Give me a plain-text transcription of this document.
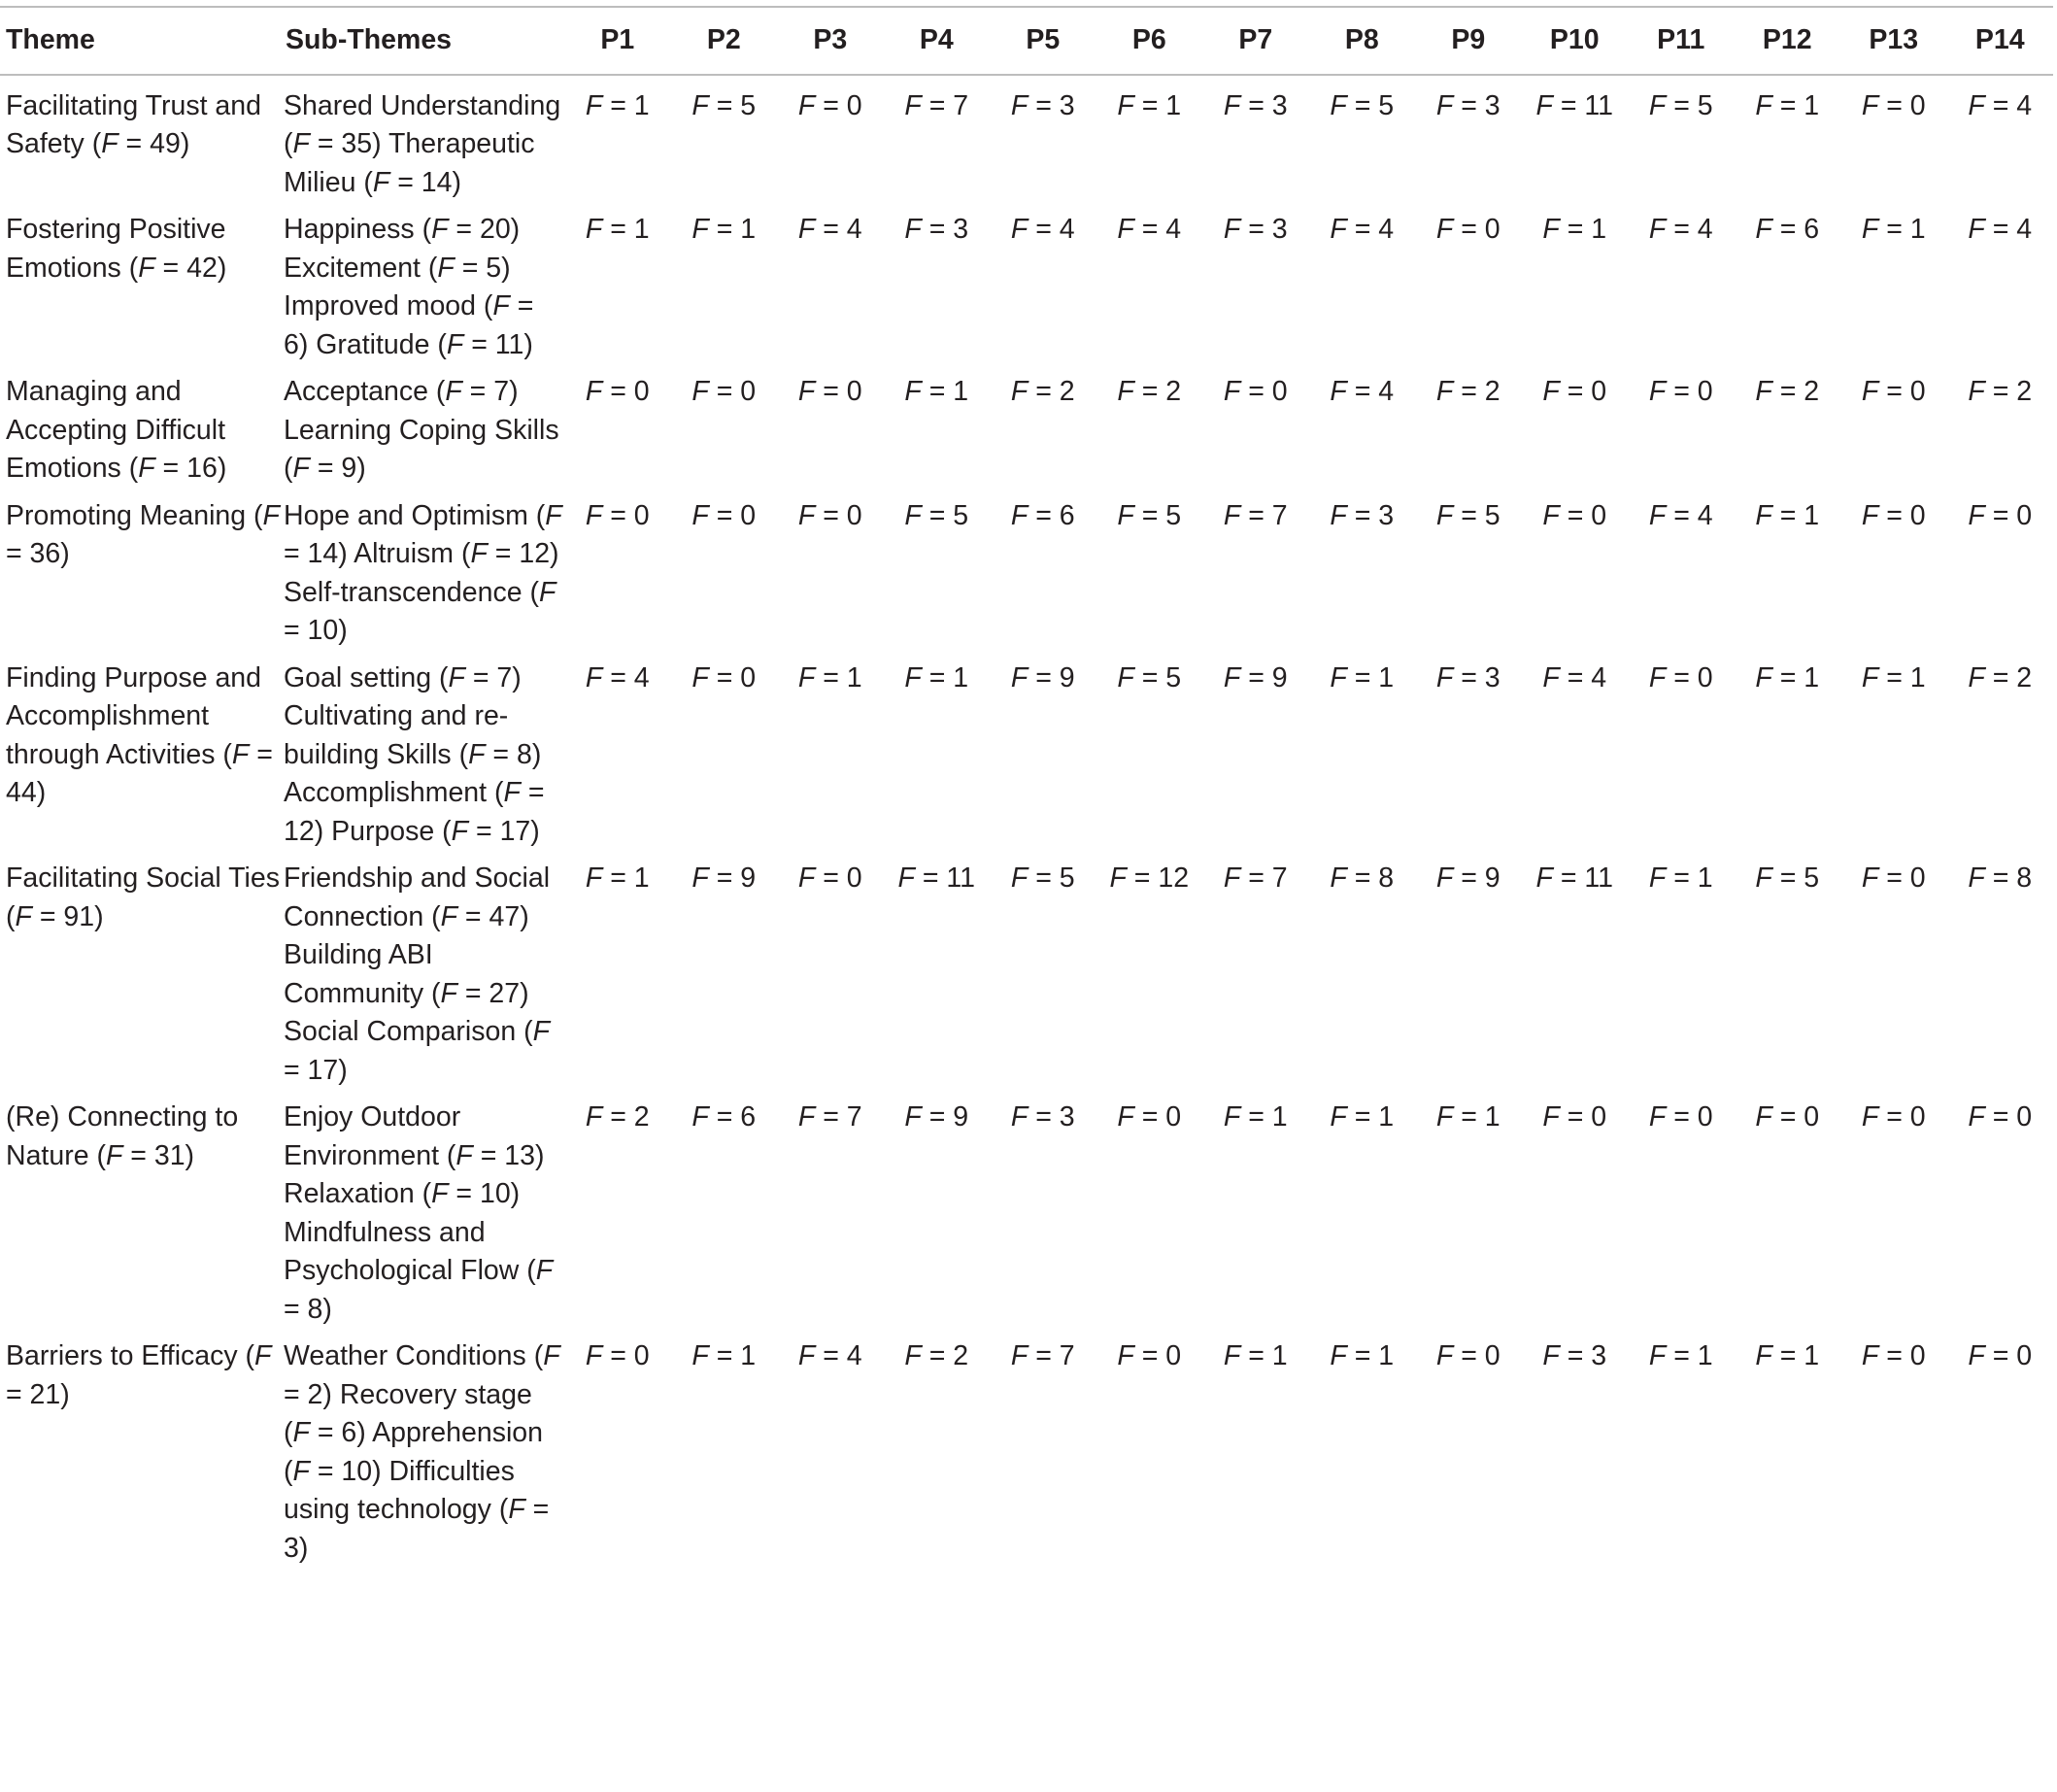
Theme	Sub-Themes	P1	P2	P3	P4	P5	P6	P7	P8	P9	P10	P11	P12	P13	P14
Facilitating Trust and Safety (F = 49)	Shared Understanding (F = 35) Therapeutic Milieu (F = 14)	F = 1	F = 5	F = 0	F = 7	F = 3	F = 1	F = 3	F = 5	F = 3	F = 11	F = 5	F = 1	F = 0	F = 4
Fostering Positive Emotions (F = 42)	Happiness (F = 20) Excitement (F = 5) Improved mood (F = 6) Gratitude (F = 11)	F = 1	F = 1	F = 4	F = 3	F = 4	F = 4	F = 3	F = 4	F = 0	F = 1	F = 4	F = 6	F = 1	F = 4
Managing and Accepting Difficult Emotions (F = 16)	Acceptance (F = 7) Learning Coping Skills (F = 9)	F = 0	F = 0	F = 0	F = 1	F = 2	F = 2	F = 0	F = 4	F = 2	F = 0	F = 0	F = 2	F = 0	F = 2
Promoting Meaning (F = 36)	Hope and Optimism (F = 14) Altruism (F = 12) Self-transcendence (F = 10)	F = 0	F = 0	F = 0	F = 5	F = 6	F = 5	F = 7	F = 3	F = 5	F = 0	F = 4	F = 1	F = 0	F = 0
Finding Purpose and Accomplishment through Activities (F = 44)	Goal setting (F = 7) Cultivating and re-building Skills (F = 8) Accomplishment (F = 12) Purpose (F = 17)	F = 4	F = 0	F = 1	F = 1	F = 9	F = 5	F = 9	F = 1	F = 3	F = 4	F = 0	F = 1	F = 1	F = 2
Facilitating Social Ties (F = 91)	Friendship and Social Connection (F = 47) Building ABI Community (F = 27) Social Comparison (F = 17)	F = 1	F = 9	F = 0	F = 11	F = 5	F = 12	F = 7	F = 8	F = 9	F = 11	F = 1	F = 5	F = 0	F = 8
(Re) Connecting to Nature (F = 31)	Enjoy Outdoor Environment (F = 13) Relaxation (F = 10) Mindfulness and Psychological Flow (F = 8)	F = 2	F = 6	F = 7	F = 9	F = 3	F = 0	F = 1	F = 1	F = 1	F = 0	F = 0	F = 0	F = 0	F = 0
Barriers to Efficacy (F = 21)	Weather Conditions (F = 2) Recovery stage (F = 6) Apprehension (F = 10) Difficulties using technology (F = 3)	F = 0	F = 1	F = 4	F = 2	F = 7	F = 0	F = 1	F = 1	F = 0	F = 3	F = 1	F = 1	F = 0	F = 0
